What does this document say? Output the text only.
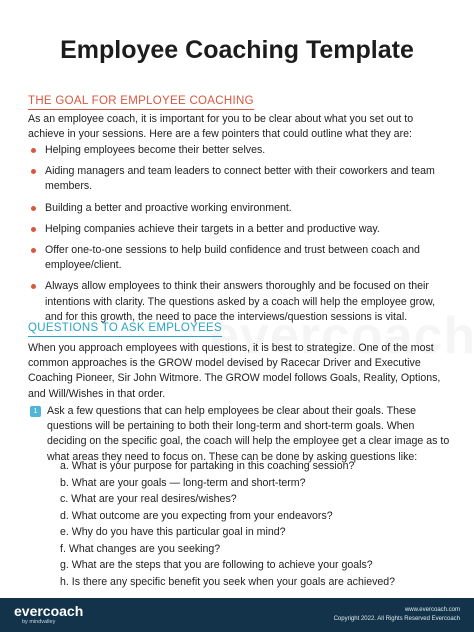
Employee Coaching Template
THE GOAL FOR EMPLOYEE COACHING
As an employee coach, it is important for you to be clear about what you set out to achieve in your sessions. Here are a few pointers that could outline what they are:
Helping employees become their better selves.
Aiding managers and team leaders to connect better with their coworkers and team members.
Building a better and proactive working environment.
Helping companies achieve their targets in a better and productive way.
Offer one-to-one sessions to help build confidence and trust between coach and employee/client.
Always allow employees to think their answers thoroughly and be focused on their intentions with clarity. The questions asked by a coach will help the employee grow, and for this growth, the need to pace the interviews/question sessions is vital.
QUESTIONS TO ASK EMPLOYEES
When you approach employees with questions, it is best to strategize. One of the most common approaches is the GROW model devised by Racecar Driver and Executive Coaching Pioneer, Sir John Witmore. The GROW model follows Goals, Reality, Options, and Will/Wishes in that order.
1 Ask a few questions that can help employees be clear about their goals. These questions will be pertaining to both their long-term and short-term goals. When deciding on the specific goal, the coach will help the employee get a clear image as to what areas they need to focus on. These can be done by asking questions like:
a. What is your purpose for partaking in this coaching session?
b. What are your goals — long-term and short-term?
c. What are your real desires/wishes?
d. What outcome are you expecting from your endeavors?
e. Why do you have this particular goal in mind?
f. What changes are you seeking?
g. What are the steps that you are following to achieve your goals?
h. Is there any specific benefit you seek when your goals are achieved?
evercoach
by mindvalley
www.evercoach.com
Copyright 2022. All Rights Reserved Evercoach
